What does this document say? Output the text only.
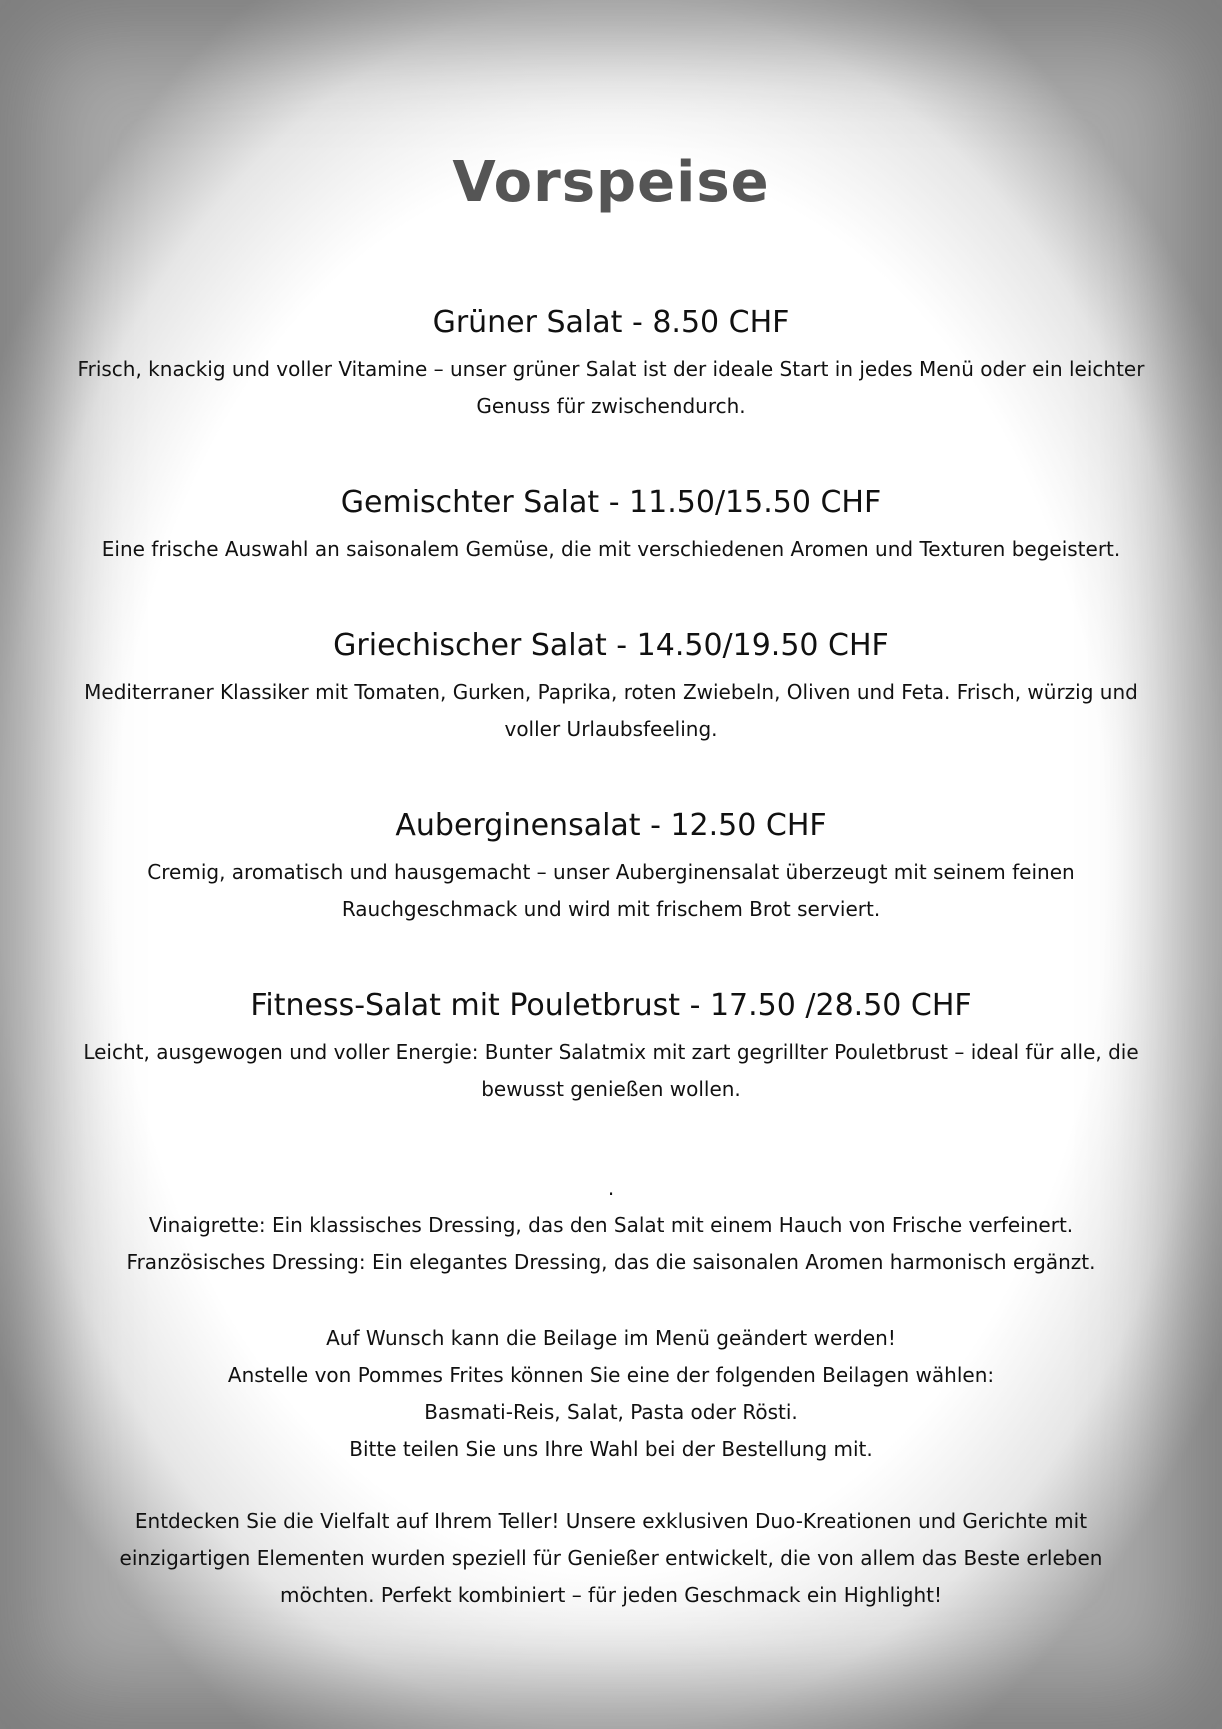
Vorspeise

Grüner Salat - 8.50 CHF

Frisch, knackig und voller Vitamine – unser grüner Salat ist der ideale Start in jedes Menü oder ein leichter Genuss für zwischendurch.

Gemischter Salat - 11.50/15.50 CHF

Eine frische Auswahl an saisonalem Gemüse, die mit verschiedenen Aromen und Texturen begeistert.

Griechischer Salat - 14.50/19.50 CHF

Mediterraner Klassiker mit Tomaten, Gurken, Paprika, roten Zwiebeln, Oliven und Feta. Frisch, würzig und voller Urlaubsfeeling.

Auberginensalat - 12.50 CHF

Cremig, aromatisch und hausgemacht – unser Auberginensalat überzeugt mit seinem feinen Rauchgeschmack und wird mit frischem Brot serviert.

Fitness-Salat mit Pouletbrust - 17.50 /28.50 CHF

Leicht, ausgewogen und voller Energie: Bunter Salatmix mit zart gegrillter Pouletbrust – ideal für alle, die bewusst genießen wollen.

.

Vinaigrette: Ein klassisches Dressing, das den Salat mit einem Hauch von Frische verfeinert.

Französisches Dressing: Ein elegantes Dressing, das die saisonalen Aromen harmonisch ergänzt.

Auf Wunsch kann die Beilage im Menü geändert werden!

Anstelle von Pommes Frites können Sie eine der folgenden Beilagen wählen:

Basmati-Reis, Salat, Pasta oder Rösti.

Bitte teilen Sie uns Ihre Wahl bei der Bestellung mit.

Entdecken Sie die Vielfalt auf Ihrem Teller! Unsere exklusiven Duo-Kreationen und Gerichte mit einzigartigen Elementen wurden speziell für Genießer entwickelt, die von allem das Beste erleben möchten. Perfekt kombiniert – für jeden Geschmack ein Highlight!
